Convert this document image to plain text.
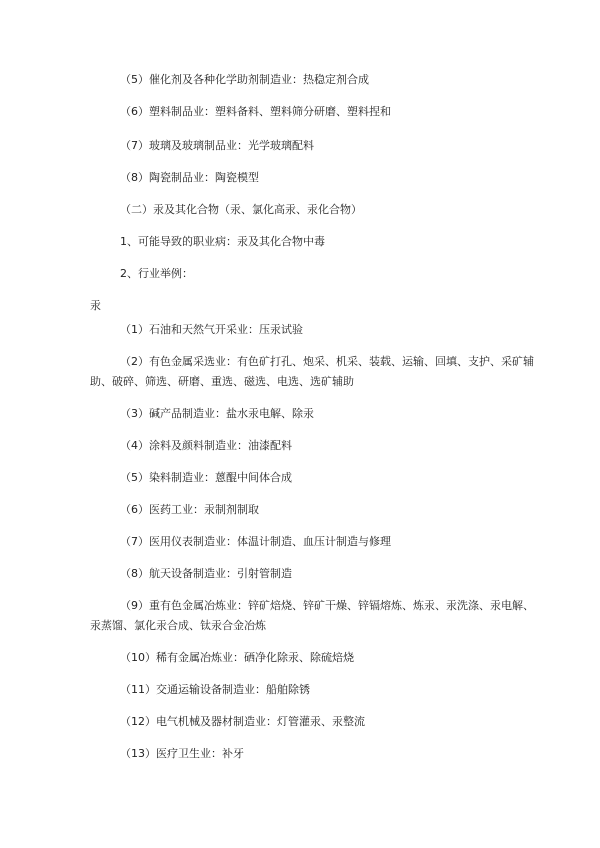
（5）催化剂及各种化学助剂制造业：热稳定剂合成
（6）塑料制品业：塑料备料、塑料筛分研磨、塑料捏和
（7）玻璃及玻璃制品业：光学玻璃配料
（8）陶瓷制品业：陶瓷模型
（二）汞及其化合物（汞、氯化高汞、汞化合物）
1、可能导致的职业病：汞及其化合物中毒
2、行业举例：
汞
（1）石油和天然气开采业：压汞试验
（2）有色金属采选业：有色矿打孔、炮采、机采、装载、运输、回填、支护、采矿辅
助、破碎、筛选、研磨、重选、磁选、电选、选矿辅助
（3）碱产品制造业：盐水汞电解、除汞
（4）涂料及颜料制造业：油漆配料
（5）染料制造业：蒽醌中间体合成
（6）医药工业：汞制剂制取
（7）医用仪表制造业：体温计制造、血压计制造与修理
（8）航天设备制造业：引射管制造
（9）重有色金属冶炼业：锌矿焙烧、锌矿干燥、锌镉熔炼、炼汞、汞洗涤、汞电解、
汞蒸馏、氯化汞合成、钛汞合金冶炼
（10）稀有金属冶炼业：硒净化除汞、除硫焙烧
（11）交通运输设备制造业：船舶除锈
（12）电气机械及器材制造业：灯管灌汞、汞整流
（13）医疗卫生业：补牙
